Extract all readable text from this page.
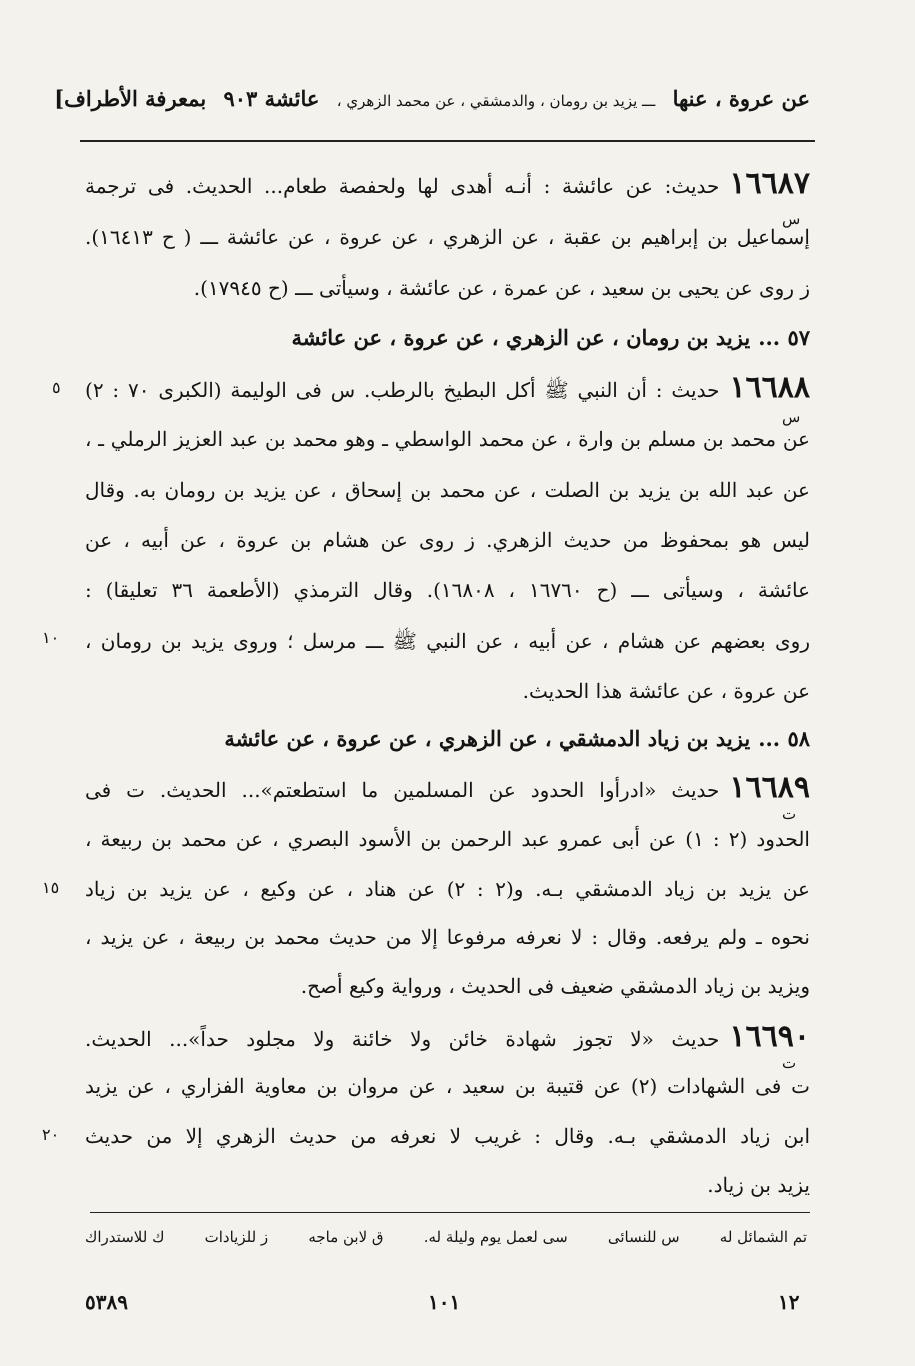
عن عروة ، عنها ـــ يزيد بن رومان ، والدمشقي ، عن محمد الزهري ، عائشة ٩٠٣ بمعرفة الأطراف]
١٦٦٨٧حديث: عن عائشة : أنـه أهدى لها ولحفصة طعام... الحديث. فى ترجمة
إسماعيل بن إبراهيم بن عقبة ، عن الزهري ، عن عروة ، عن عائشة ـــ ( ح ١٦٤١٣).
ز روى عن يحيى بن سعيد ، عن عمرة ، عن عائشة ، وسيأتى ـــ (ح ١٧٩٤٥).
٥٧ ...يزيد بن رومان ، عن الزهري ، عن عروة ، عن عائشة
١٦٦٨٨حديث : أن النبي ﷺ أكل البطيخ بالرطب. س فى الوليمة (الكبرى ٧٠ : ٢)
عن محمد بن مسلم بن وارة ، عن محمد الواسطي ـ وهو محمد بن عبد العزيز الرملي ـ ،
عن عبد الله بن يزيد بن الصلت ، عن محمد بن إسحاق ، عن يزيد بن رومان به. وقال
ليس هو بمحفوظ من حديث الزهري. ز روى عن هشام بن عروة ، عن أبيه ، عن
عائشة ، وسيأتى ـــ (ح ١٦٧٦٠ ، ١٦٨٠٨). وقال الترمذي (الأطعمة ٣٦ تعليقا) :
روى بعضهم عن هشام ، عن أبيه ، عن النبي ﷺ ـــ مرسل ؛ وروى يزيد بن رومان ،
عن عروة ، عن عائشة هذا الحديث.
٥٨ ...يزيد بن زياد الدمشقي ، عن الزهري ، عن عروة ، عن عائشة
١٦٦٨٩حديث «ادرأوا الحدود عن المسلمين ما استطعتم»... الحديث. ت فى
الحدود (٢ : ١) عن أبى عمرو عبد الرحمن بن الأسود البصري ، عن محمد بن ربيعة ،
عن يزيد بن زياد الدمشقي بـه. و(٢ : ٢) عن هناد ، عن وكيع ، عن يزيد بن زياد
نحوه ـ ولم يرفعه. وقال : لا نعرفه مرفوعا إلا من حديث محمد بن ربيعة ، عن يزيد ،
ويزيد بن زياد الدمشقي ضعيف فى الحديث ، ورواية وكيع أصح.
١٦٦٩٠حديث «لا تجوز شهادة خائن ولا خائنة ولا مجلود حداً»... الحديث.
ت فى الشهادات (٢) عن قتيبة بن سعيد ، عن مروان بن معاوية الفزاري ، عن يزيد
ابن زياد الدمشقي بـه. وقال : غريب لا نعرفه من حديث الزهري إلا من حديث
يزيد بن زياد.
س
س
ت
ت
٥
١٠
١٥
٢٠
تم الشمائل له
س للنسائى
سى لعمل يوم وليلة له.
ق لابن ماجه
ز للزيادات
ك للاستدراك
٥٣٨٩	١٠١	١٢
